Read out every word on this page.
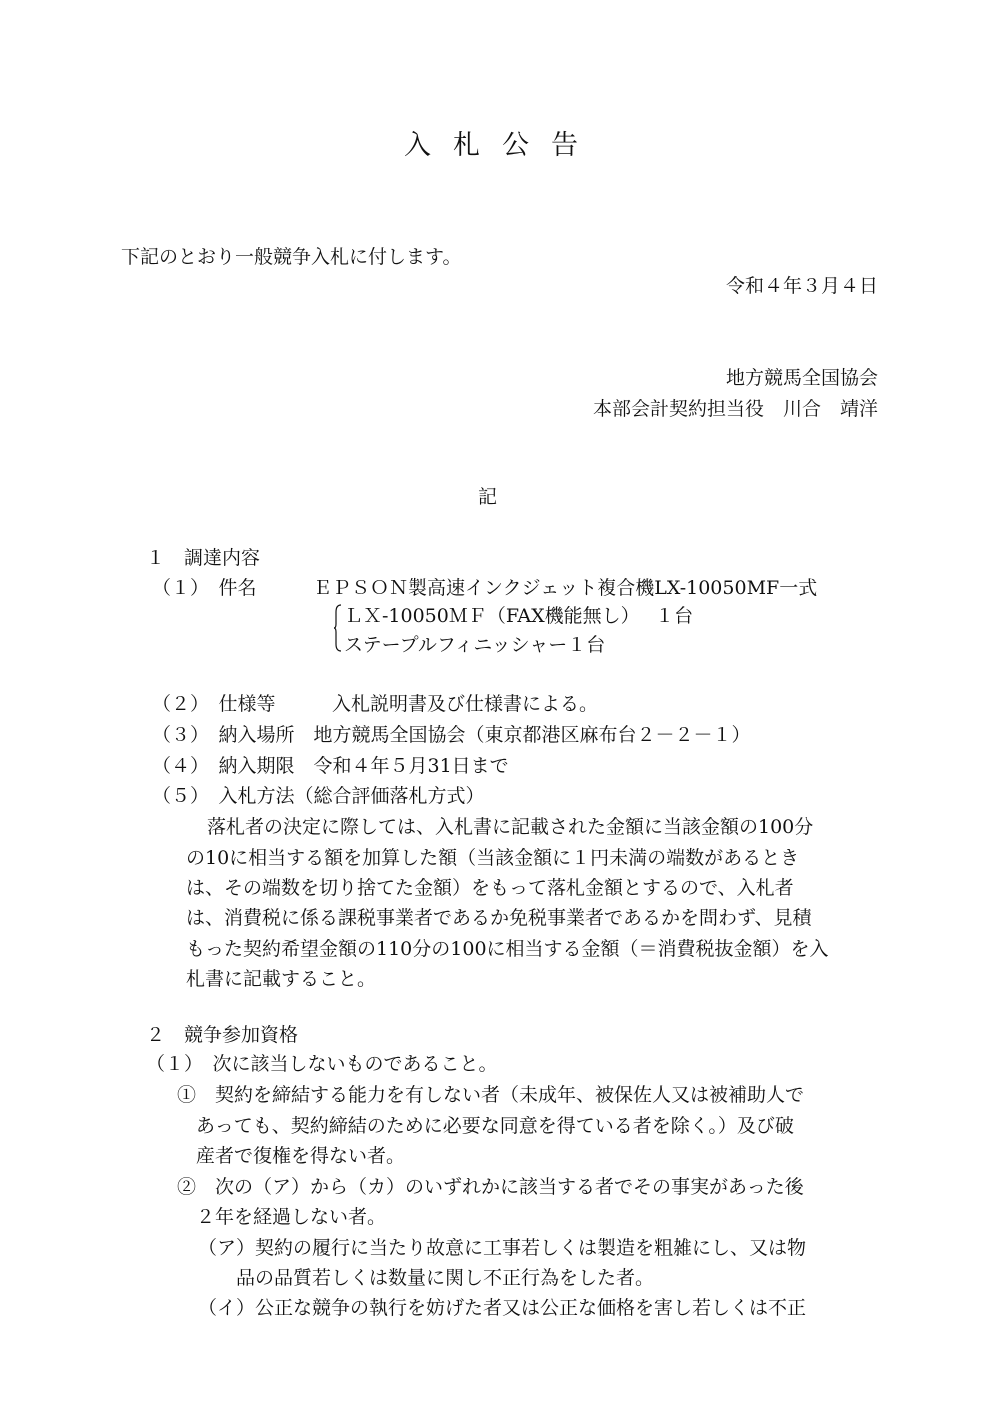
入札公告
下記のとおり一般競争入札に付します。
令和４年３月４日
地方競馬全国協会
本部会計契約担当役　川合　靖洋
記
１　調達内容
（１）　件名	ＥＰＳＯＮ製高速インクジェット複合機LX-10050MF一式
ＬＸ-10050ＭＦ（FAX機能無し）　 １台
ステープルフィニッシャー１台
（２）　仕様等	入札説明書及び仕様書による。
（３）　納入場所　地方競馬全国協会（東京都港区麻布台２－２－１）
（４）　納入期限　令和４年５月31日まで
（５）　入札方法（総合評価落札方式）
落札者の決定に際しては、入札書に記載された金額に当該金額の100分
の10に相当する額を加算した額（当該金額に１円未満の端数があるとき
は、その端数を切り捨てた金額）をもって落札金額とするので、入札者
は、消費税に係る課税事業者であるか免税事業者であるかを問わず、見積
もった契約希望金額の110分の100に相当する金額（＝消費税抜金額）を入
札書に記載すること。
２　競争参加資格
（１）　次に該当しないものであること。
①　契約を締結する能力を有しない者（未成年、被保佐人又は被補助人で
あっても、契約締結のために必要な同意を得ている者を除く。）及び破
産者で復権を得ない者。
②　次の（ア）から（カ）のいずれかに該当する者でその事実があった後
２年を経過しない者。
（ア）契約の履行に当たり故意に工事若しくは製造を粗雑にし、又は物
品の品質若しくは数量に関し不正行為をした者。
（イ）公正な競争の執行を妨げた者又は公正な価格を害し若しくは不正
